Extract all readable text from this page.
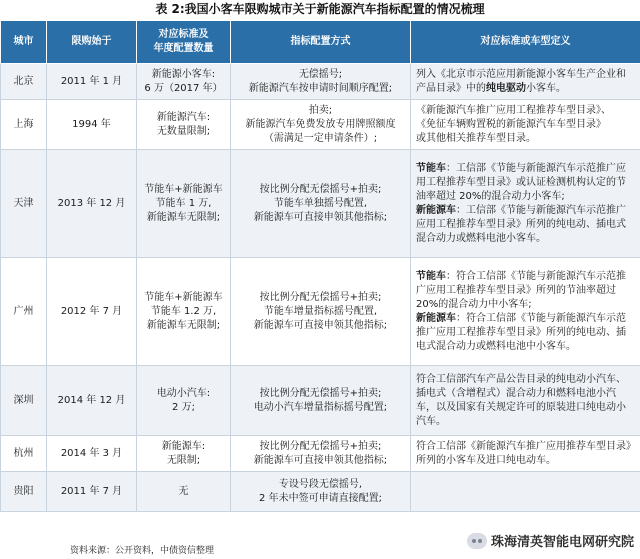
表 2:我国小客车限购城市关于新能源汽车指标配置的情况梳理
城市	限购始于	对应标准及
年度配置数量	指标配置方式	对应标准或车型定义
北京	2011 年 1 月	新能源小客车:
6 万（2017 年）	无偿摇号;
新能源汽车按申请时间顺序配置;	列入《北京市示范应用新能源小客车生产企业和产品目录》中的纯电驱动小客车。

上海	1994 年	新能源汽车:
无数量限制;	拍卖;
新能源汽车免费发放专用牌照额度
（需满足一定申请条件）;	《新能源汽车推广应用工程推荐车型目录》、
《免征车辆购置税的新能源汽车车型目录》
或其他相关推荐车型目录。

天津	2013 年 12 月	节能车+新能源车
节能车 1 万,
新能源车无限制;	按比例分配无偿摇号+拍卖;
节能车单独摇号配置,
新能源车可直接申领其他指标;	节能车：工信部《节能与新能源汽车示范推广应用工程推荐车型目录》或认证检测机构认定的节油率超过 20%的混合动力小客车;
新能源车：工信部《节能与新能源汽车示范推广应用工程推荐车型目录》所列的纯电动、插电式混合动力或燃料电池小客车。

广州	2012 年 7 月	节能车+新能源车
节能车 1.2 万,
新能源车无限制;	按比例分配无偿摇号+拍卖;
节能车增量指标摇号配置,
新能源车可直接申领其他指标;	节能车：符合工信部《节能与新能源汽车示范推广应用工程推荐车型目录》所列的节油率超过 20%的混合动力中小客车;
新能源车：符合工信部《节能与新能源汽车示范推广应用工程推荐车型目录》所列的纯电动、插电式混合动力或燃料电池中小客车。

深圳	2014 年 12 月	电动小汽车:
2 万;	按比例分配无偿摇号+拍卖;
电动小汽车增量指标摇号配置;	符合工信部汽车产品公告目录的纯电动小汽车、插电式（含增程式）混合动力和燃料电池小汽车，以及国家有关规定许可的原装进口纯电动小汽车。

杭州	2014 年 3 月	新能源车:
无限制;	按比例分配无偿摇号+拍卖;
新能源车可直接申领其他指标;	符合工信部《新能源汽车推广应用推荐车型目录》所列的小客车及进口纯电动车。

贵阳	2011 年 7 月	无	专设号段无偿摇号,
2 年未中签可申请直接配置;	

资料来源：公开资料，中债资信整理
珠海清英智能电网研究院
